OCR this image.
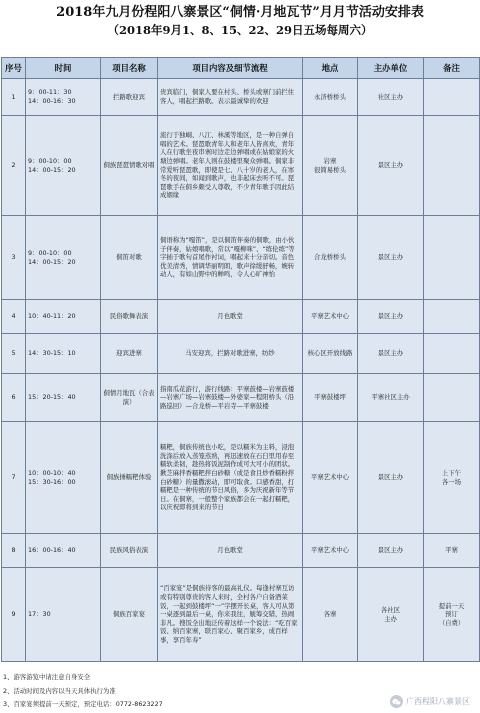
2018年九月份程阳八寨景区“侗情·月地瓦节”月月节活动安排表
（2018年9月1、8、15、22、29日五场每周六）
序号	时间	项目名称	项目内容及细节流程	地点	主办单位	备注
1	9：00-11：30
14：00-16：30	拦路歌迎宾	贵宾临门，侗家人要在村头、桥头或寨门前拦住客人，唱起拦路歌。表示最诚挚的欢迎	永济桥桥头	社区主办	
2	9：00-10：00
14：00-15：20	侗族琵琶情歌对唱	流行于独峒、八江、林溪等地区，是一种自弹自唱的艺术。琵琶歌青年人和老年人皆喜欢，青年人在行歌坐夜串寨时边走边弹唱或在姑娘家的火塘边弹唱。老年人则在鼓楼里聚众弹唱。侗家非常爱听琵琶歌，即使是七、八十岁的老人，在寒冬的夜间，如闻到歌声，也非起床去听不可。琵琶歌手在侗乡颇受人尊敬，不少青年歌手因此结成姻缘	岩寨
很简易桥头	景区主办	
3	9：00-10：00
14：00-15：20	侗笛对歌	侗语称为“嘎笛”，是以侗笛伴奏的侗歌，由小伙子伴奏，姑娘唱歌，常以“嘎柳咪”、“练伦练”等字插于歌句首尾作衬词，唱起来十分亲切。音色优美清秀，情调华丽明朗，歌声徐缓舒畅，婉转动人，有如山野中的蝉鸣，令人心旷神怡	合龙桥桥头	景区主办	
4	10：40-11：20	民俗歌舞表演	月也歌堂	平寨艺术中心	景区主办	
5	14：30-15：10	迎宾进寨	马安迎宾，拦路对歌进寨，纺纱	核心区开放线路	景区主办	
6	15：20-15：40	侗情月地瓦（合表演）	指南瓜花游行，游行线路：平寨鼓楼—岩寨鼓楼—岩寨广场—岩寨鼓楼—外婆家—程阳桥头（沿路巡回）—合龙桥—平岩寺—平寨鼓楼	平寨鼓楼坪	平寨社区主办	
7	10：00-10：40
15：30-16：00	侗族捶糯粑体验	糯粑，侗族传统也小吃，是以糯米为主料，浸泡洗涤后放入蒸笼蒸熟，再迅速放在石臼里用春至糯软柔韧，趁热将饭泥制作成可大可小的团状。揪芝麻拌香糯粑拌白砂糖（或是食且炒香糯粉拌白砂糖）的量撒滚动，即可取食。口感香甜，打糯粑是一种传统的节日风俗，多为庆祝新年等节日。在侗寨，一般整个家族都会在一起打糯粑，以庆祝即将到来的节日	平寨艺术中心	景区主办	上下午
各一场
8	16：00-16：40	民族风俗表演	月也歌堂	平寨艺术中心	景区主办	平寨
9	17：30	侗族百家宴	“百家宴”是侗族待客的最高礼仪。每逢村寨互访或有特别尊贵的客人来时，全村各户自备酒菜饭，一起到鼓楼坪“一”字摆开长桌，客人可从第一桌逐到最后一桌，你来我往，觥筹交错，热闹非凡。搜饭全出地泛传着这样一个说法：“吃百家饭、纳百家寨，联百家心、聚百家乡，成百样事，享百年寿”	各寨	各社区
主办	提前一天
预订
（自费）
1、游客游览中请注意自身安全
2、活动时间及内容以当天具体执行为准
3、百家宴须提前一天预定，预定电话：0772-8623227	广西程阳八寨景区
